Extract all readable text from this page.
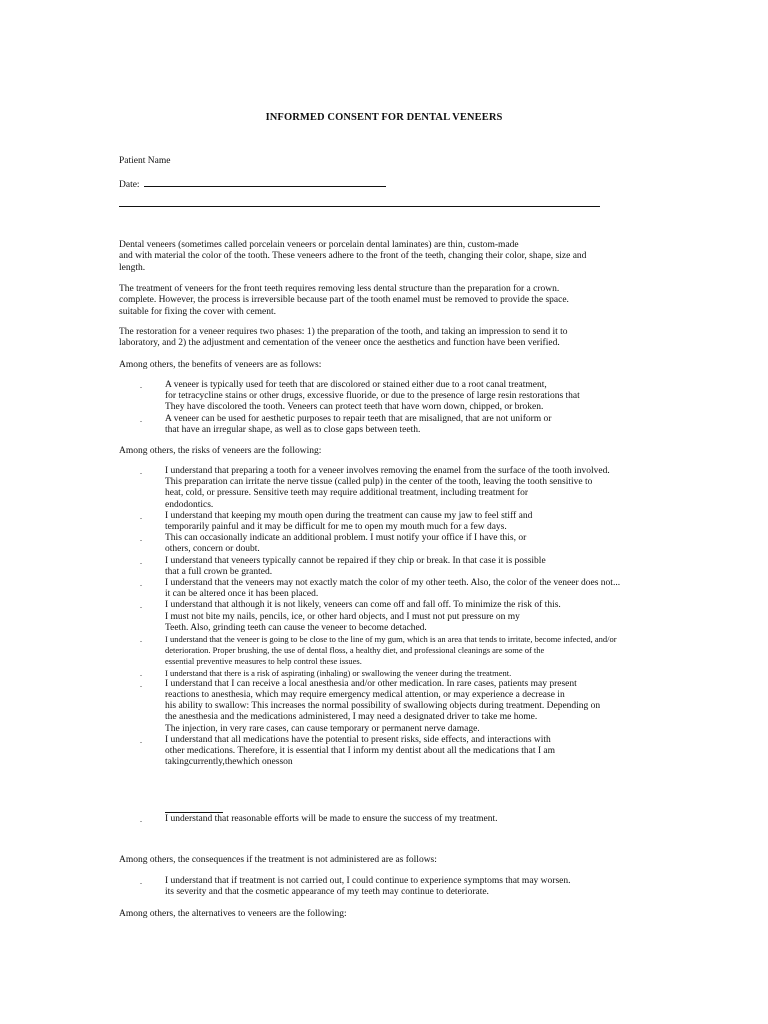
INFORMED CONSENT FOR DENTAL VENEERS
Patient Name
Date:
Dental veneers (sometimes called porcelain veneers or porcelain dental laminates) are thin, custom-made
and with material the color of the tooth. These veneers adhere to the front of the teeth, changing their color, shape, size and
length.
The treatment of veneers for the front teeth requires removing less dental structure than the preparation for a crown.
complete. However, the process is irreversible because part of the tooth enamel must be removed to provide the space.
suitable for fixing the cover with cement.
The restoration for a veneer requires two phases: 1) the preparation of the tooth, and taking an impression to send it to
laboratory, and 2) the adjustment and cementation of the veneer once the aesthetics and function have been verified.
Among others, the benefits of veneers are as follows:
. A veneer is typically used for teeth that are discolored or stained either due to a root canal treatment,
for tetracycline stains or other drugs, excessive fluoride, or due to the presence of large resin restorations that
They have discolored the tooth. Veneers can protect teeth that have worn down, chipped, or broken.
. A veneer can be used for aesthetic purposes to repair teeth that are misaligned, that are not uniform or
that have an irregular shape, as well as to close gaps between teeth.
Among others, the risks of veneers are the following:
. I understand that preparing a tooth for a veneer involves removing the enamel from the surface of the tooth involved.
This preparation can irritate the nerve tissue (called pulp) in the center of the tooth, leaving the tooth sensitive to
heat, cold, or pressure. Sensitive teeth may require additional treatment, including treatment for
endodontics.
. I understand that keeping my mouth open during the treatment can cause my jaw to feel stiff and
temporarily painful and it may be difficult for me to open my mouth much for a few days.
. This can occasionally indicate an additional problem. I must notify your office if I have this, or
others, concern or doubt.
. I understand that veneers typically cannot be repaired if they chip or break. In that case it is possible
that a full crown be granted.
. I understand that the veneers may not exactly match the color of my other teeth. Also, the color of the veneer does not...
it can be altered once it has been placed.
. I understand that although it is not likely, veneers can come off and fall off. To minimize the risk of this.
I must not bite my nails, pencils, ice, or other hard objects, and I must not put pressure on my
Teeth. Also, grinding teeth can cause the veneer to become detached.
.	I understand that the veneer is going to be close to the line of my gum, which is an area that tends to irritate, become infected, and/or
deterioration. Proper brushing, the use of dental floss, a healthy diet, and professional cleanings are some of the
essential preventive measures to help control these issues.
.	I understand that there is a risk of aspirating (inhaling) or swallowing the veneer during the treatment.
. I understand that I can receive a local anesthesia and/or other medication. In rare cases, patients may present
reactions to anesthesia, which may require emergency medical attention, or may experience a decrease in
his ability to swallow: This increases the normal possibility of swallowing objects during treatment. Depending on
the anesthesia and the medications administered, I may need a designated driver to take me home.
The injection, in very rare cases, can cause temporary or permanent nerve damage.
. I understand that all medications have the potential to present risks, side effects, and interactions with
other medications. Therefore, it is essential that I inform my dentist about all the medications that I am
takingcurrently,thewhich onesson
. I understand that reasonable efforts will be made to ensure the success of my treatment.
Among others, the consequences if the treatment is not administered are as follows:
. I understand that if treatment is not carried out, I could continue to experience symptoms that may worsen.
its severity and that the cosmetic appearance of my teeth may continue to deteriorate.
Among others, the alternatives to veneers are the following:
